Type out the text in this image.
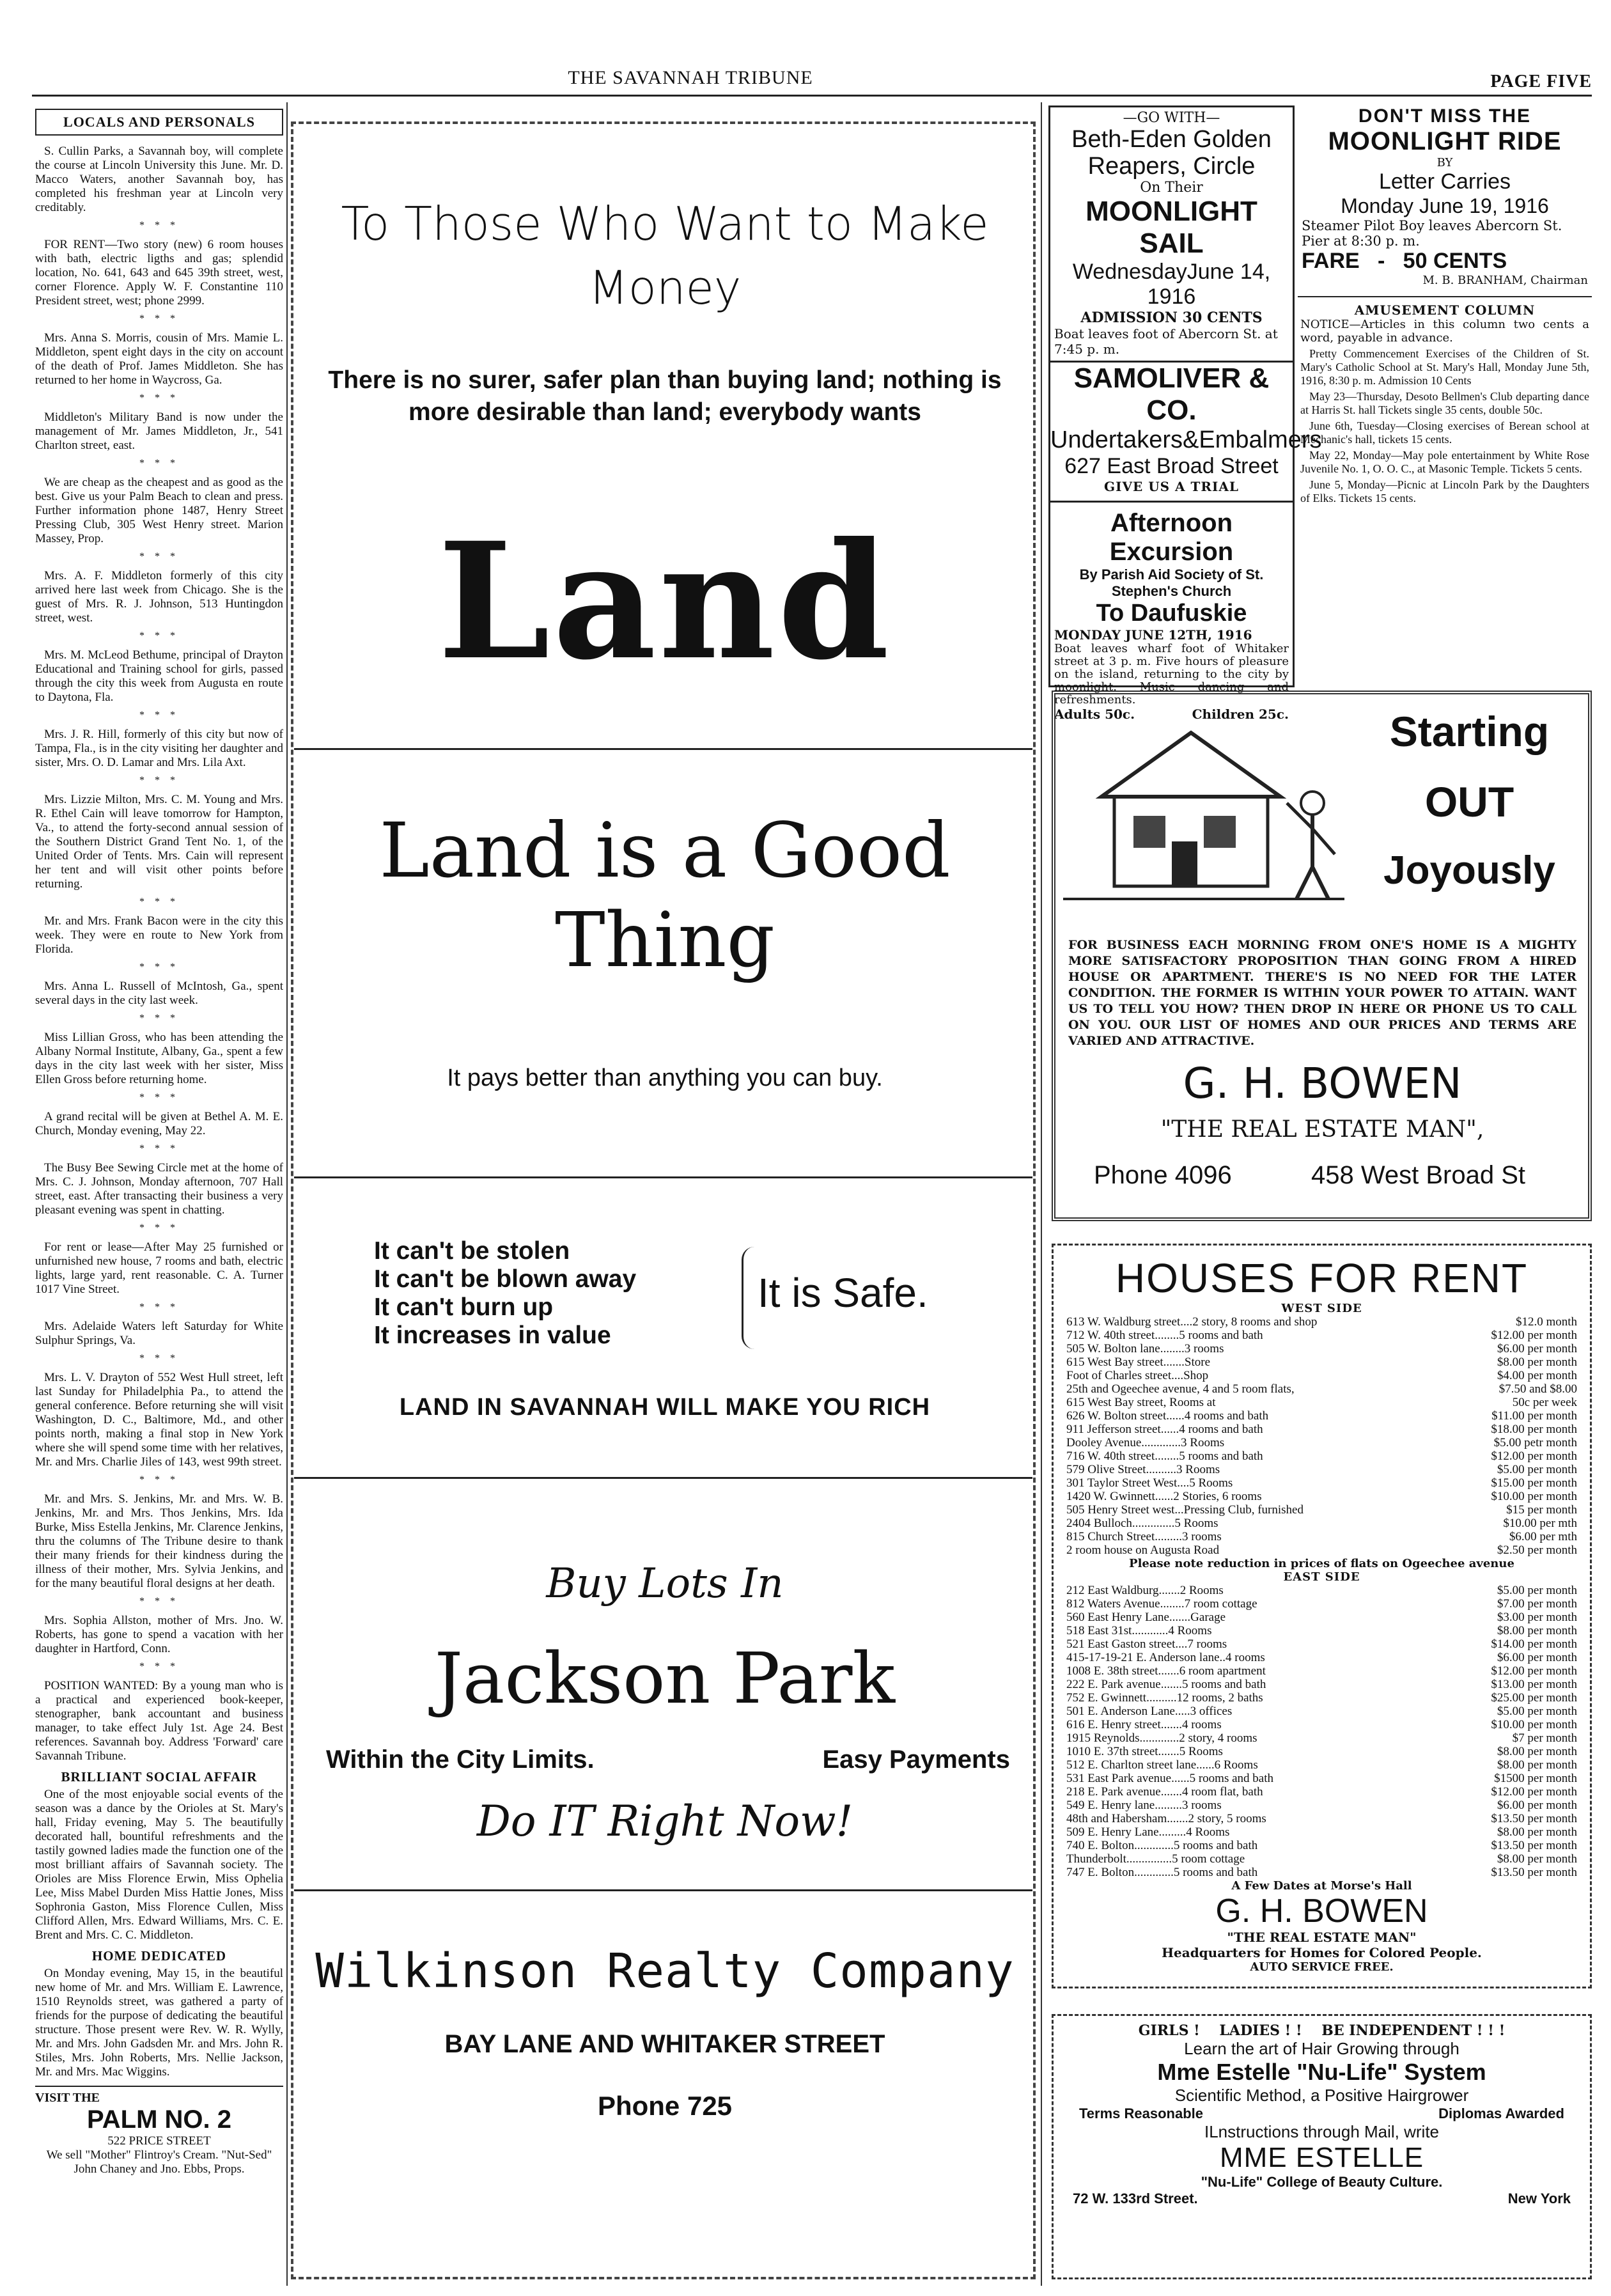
THE SAVANNAH TRIBUNE	PAGE FIVE
LOCALS AND PERSONALS

S. Cullin Parks, a Savannah boy, will complete the course at Lincoln University this June. Mr. D. Macco Waters, another Savannah boy, has completed his freshman year at Lincoln very creditably.

* * *

FOR RENT—Two story (new) 6 room houses with bath, electric ligths and gas; splendid location, No. 641, 643 and 645 39th street, west, corner Florence. Apply W. F. Constantine 110 President street, west; phone 2999.

* * *

Mrs. Anna S. Morris, cousin of Mrs. Mamie L. Middleton, spent eight days in the city on account of the death of Prof. James Middleton. She has returned to her home in Waycross, Ga.

* * *

Middleton's Military Band is now under the management of Mr. James Middleton, Jr., 541 Charlton street, east.

* * *

We are cheap as the cheapest and as good as the best. Give us your Palm Beach to clean and press. Further information phone 1487, Henry Street Pressing Club, 305 West Henry street. Marion Massey, Prop.

* * *

Mrs. A. F. Middleton formerly of this city arrived here last week from Chicago. She is the guest of Mrs. R. J. Johnson, 513 Huntingdon street, west.

* * *

Mrs. M. McLeod Bethume, principal of Drayton Educational and Training school for girls, passed through the city this week from Augusta en route to Daytona, Fla.

* * *

Mrs. J. R. Hill, formerly of this city but now of Tampa, Fla., is in the city visiting her daughter and sister, Mrs. O. D. Lamar and Mrs. Lila Axt.

* * *

Mrs. Lizzie Milton, Mrs. C. M. Young and Mrs. R. Ethel Cain will leave tomorrow for Hampton, Va., to attend the forty-second annual session of the Southern District Grand Tent No. 1, of the United Order of Tents. Mrs. Cain will represent her tent and will visit other points before returning.

* * *

Mr. and Mrs. Frank Bacon were in the city this week. They were en route to New York from Florida.

* * *

Mrs. Anna L. Russell of McIntosh, Ga., spent several days in the city last week.

* * *

Miss Lillian Gross, who has been attending the Albany Normal Institute, Albany, Ga., spent a few days in the city last week with her sister, Miss Ellen Gross before returning home.

* * *

A grand recital will be given at Bethel A. M. E. Church, Monday evening, May 22.

* * *

The Busy Bee Sewing Circle met at the home of Mrs. C. J. Johnson, Monday afternoon, 707 Hall street, east. After transacting their business a very pleasant evening was spent in chatting.

* * *

For rent or lease—After May 25 furnished or unfurnished new house, 7 rooms and bath, electric lights, large yard, rent reasonable. C. A. Turner 1017 Vine Street.

* * *

Mrs. Adelaide Waters left Saturday for White Sulphur Springs, Va.

* * *

Mrs. L. V. Drayton of 552 West Hull street, left last Sunday for Philadelphia Pa., to attend the general conference. Before returning she will visit Washington, D. C., Baltimore, Md., and other points north, making a final stop in New York where she will spend some time with her relatives, Mr. and Mrs. Charlie Jiles of 143, west 99th street.

* * *

Mr. and Mrs. S. Jenkins, Mr. and Mrs. W. B. Jenkins, Mr. and Mrs. Thos Jenkins, Mrs. Ida Burke, Miss Estella Jenkins, Mr. Clarence Jenkins, thru the columns of The Tribune desire to thank their many friends for their kindness during the illness of their mother, Mrs. Sylvia Jenkins, and for the many beautiful floral designs at her death.

* * *

Mrs. Sophia Allston, mother of Mrs. Jno. W. Roberts, has gone to spend a vacation with her daughter in Hartford, Conn.

* * *

POSITION WANTED: By a young man who is a practical and experienced book-keeper, stenographer, bank accountant and business manager, to take effect July 1st. Age 24. Best references. Savannah boy. Address 'Forward' care Savannah Tribune.

BRILLIANT SOCIAL AFFAIR

One of the most enjoyable social events of the season was a dance by the Orioles at St. Mary's hall, Friday evening, May 5. The beautifully decorated hall, bountiful refreshments and the tastily gowned ladies made the function one of the most brilliant affairs of Savannah society. The Orioles are Miss Florence Erwin, Miss Ophelia Lee, Miss Mabel Durden Miss Hattie Jones, Miss Sophronia Gaston, Miss Florence Cullen, Miss Clifford Allen, Mrs. Edward Williams, Mrs. C. E. Brent and Mrs. C. C. Middleton.

HOME DEDICATED

On Monday evening, May 15, in the beautiful new home of Mr. and Mrs. William E. Lawrence, 1510 Reynolds street, was gathered a party of friends for the purpose of dedicating the beautiful structure. Those present were Rev. W. R. Wylly, Mr. and Mrs. John Gadsden Mr. and Mrs. John R. Stiles, Mrs. John Roberts, Mrs. Nellie Jackson, Mr. and Mrs. Mac Wiggins.

VISIT THE
PALM NO. 2
522 PRICE STREET
We sell "Mother" Flintroy's Cream. "Nut-Sed"
John Chaney and Jno. Ebbs, Props.
To Those Who Want to Make Money
There is no surer, safer plan than buying land; nothing is more desirable than land; everybody wants
Land
Land is a Good Thing
It pays better than anything you can buy.
It can't be stolen
It can't be blown away
It can't burn up
It increases in value
It is Safe.
LAND IN SAVANNAH WILL MAKE YOU RICH
Buy Lots In
Jackson Park
Within the City Limits.	Easy Payments
Do IT Right Now!
Wilkinson Realty Company
BAY LANE AND WHITAKER STREET
Phone 725
—GO WITH—
Beth-Eden Golden Reapers, Circle
On Their
MOONLIGHT SAIL
WednesdayJune 14, 1916
ADMISSION 30 CENTS
Boat leaves foot of Abercorn St. at 7:45 p. m.
SAMOLIVER & CO.
Undertakers&Embalmers
627 East Broad Street
GIVE US A TRIAL
Afternoon Excursion
By Parish Aid Society of St. Stephen's Church
To Daufuskie
MONDAY JUNE 12TH, 1916
Boat leaves wharf foot of Whitaker street at 3 p. m. Five hours of pleasure on the island, returning to the city by moonlight. Music dancing and refreshments.
Adults 50c.	Children 25c.
DON'T MISS THE
MOONLIGHT RIDE
BY
Letter Carries
Monday June 19, 1916
Steamer Pilot Boy leaves Abercorn St. Pier at 8:30 p. m.
FARE   -   50 CENTS
M. B. BRANHAM, Chairman
AMUSEMENT COLUMN
NOTICE—Articles in this column two cents a word, payable in advance.

Pretty Commencement Exercises of the Children of St. Mary's Catholic School at St. Mary's Hall, Monday June 5th, 1916, 8:30 p. m. Admission 10 Cents

May 23—Thursday, Desoto Bellmen's Club departing dance at Harris St. hall Tickets single 35 cents, double 50c.

June 6th, Tuesday—Closing exercises of Berean school at Mechanic's hall, tickets 15 cents.

May 22, Monday—May pole entertainment by White Rose Juvenile No. 1, O. O. C., at Masonic Temple. Tickets 5 cents.

June 5, Monday—Picnic at Lincoln Park by the Daughters of Elks. Tickets 15 cents.

Starting
OUT
Joyously
FOR BUSINESS EACH MORNING FROM ONE'S HOME IS A MIGHTY MORE SATISFACTORY PROPOSITION THAN GOING FROM A HIRED HOUSE OR APARTMENT. THERE'S IS NO NEED FOR THE LATER CONDITION. THE FORMER IS WITHIN YOUR POWER TO ATTAIN. WANT US TO TELL YOU HOW? THEN DROP IN HERE OR PHONE US TO CALL ON YOU. OUR LIST OF HOMES AND OUR PRICES AND TERMS ARE VARIED AND ATTRACTIVE.
G. H. BOWEN
"THE REAL ESTATE MAN",
Phone 4096	458 West Broad St
HOUSES FOR RENT
WEST SIDE
613 W. Waldburg street....2 story, 8 rooms and shop	$12.0 month
712 W. 40th street........5 rooms and bath	$12.00 per month
505 W. Bolton lane........3 rooms	$6.00 per month
615 West Bay street.......Store	$8.00 per month
Foot of Charles street....Shop	$4.00 per month
25th and Ogeechee avenue, 4 and 5 room flats,	$7.50 and $8.00
615 West Bay street, Rooms at	50c per week
626 W. Bolton street......4 rooms and bath	$11.00 per month
911 Jefferson street......4 rooms and bath	$18.00 per month
Dooley Avenue.............3 Rooms	$5.00 petr month
716 W. 40th street........5 rooms and bath	$12.00 per month
579 Olive Street..........3 Rooms	$5.00 per month
301 Taylor Street West....5 Rooms	$15.00 per month
1420 W. Gwinnett......2 Stories, 6 rooms	$10.00 per month
505 Henry Street west...Pressing Club, furnished	$15 per month
2404 Bulloch..............5 Rooms	$10.00 per mth
815 Church Street.........3 rooms	$6.00 per mth
2 room house on Augusta Road	$2.50 per month
Please note reduction in prices of flats on Ogeechee avenue
EAST SIDE
212 East Waldburg.......2 Rooms	$5.00 per month
812 Waters Avenue........7 room cottage	$7.00 per month
560 East Henry Lane.......Garage	$3.00 per month
518 East 31st............4 Rooms	$8.00 per month
521 East Gaston street....7 rooms	$14.00 per month
415-17-19-21 E. Anderson lane..4 rooms	$6.00 per month
1008 E. 38th street.......6 room apartment	$12.00 per month
222 E. Park avenue.......5 rooms and bath	$13.00 per month
752 E. Gwinnett..........12 rooms, 2 baths	$25.00 per month
501 E. Anderson Lane.....3 offices	$5.00 per month
616 E. Henry street.......4 rooms	$10.00 per month
1915 Reynolds.............2 story, 4 rooms	$7 per month
1010 E. 37th street.......5 Rooms	$8.00 per month
512 E. Charlton street lane......6 Rooms	$8.00 per month
531 East Park avenue......5 rooms and bath	$1500 per month
218 E. Park avenue.......4 room flat, bath	$12.00 per month
549 E. Henry lane.........3 rooms	$6.00 per month
48th and Habersham.......2 story, 5 rooms	$13.50 per month
509 E. Henry Lane.........4 Rooms	$8.00 per month
740 E. Bolton.............5 rooms and bath	$13.50 per month
Thunderbolt...............5 room cottage	$8.00 per month
747 E. Bolton.............5 rooms and bath	$13.50 per month
A Few Dates at Morse's Hall
G. H. BOWEN
"THE REAL ESTATE MAN"
Headquarters for Homes for Colored People.
AUTO SERVICE FREE.
GIRLS !    LADIES ! !    BE INDEPENDENT ! ! !
Learn the art of Hair Growing through
Mme Estelle "Nu-Life" System
Scientific Method, a Positive Hairgrower
Terms Reasonable	Diplomas Awarded
ILnstructions through Mail, write
MME ESTELLE
"Nu-Life" College of Beauty Culture.
72 W. 133rd Street.	New York
